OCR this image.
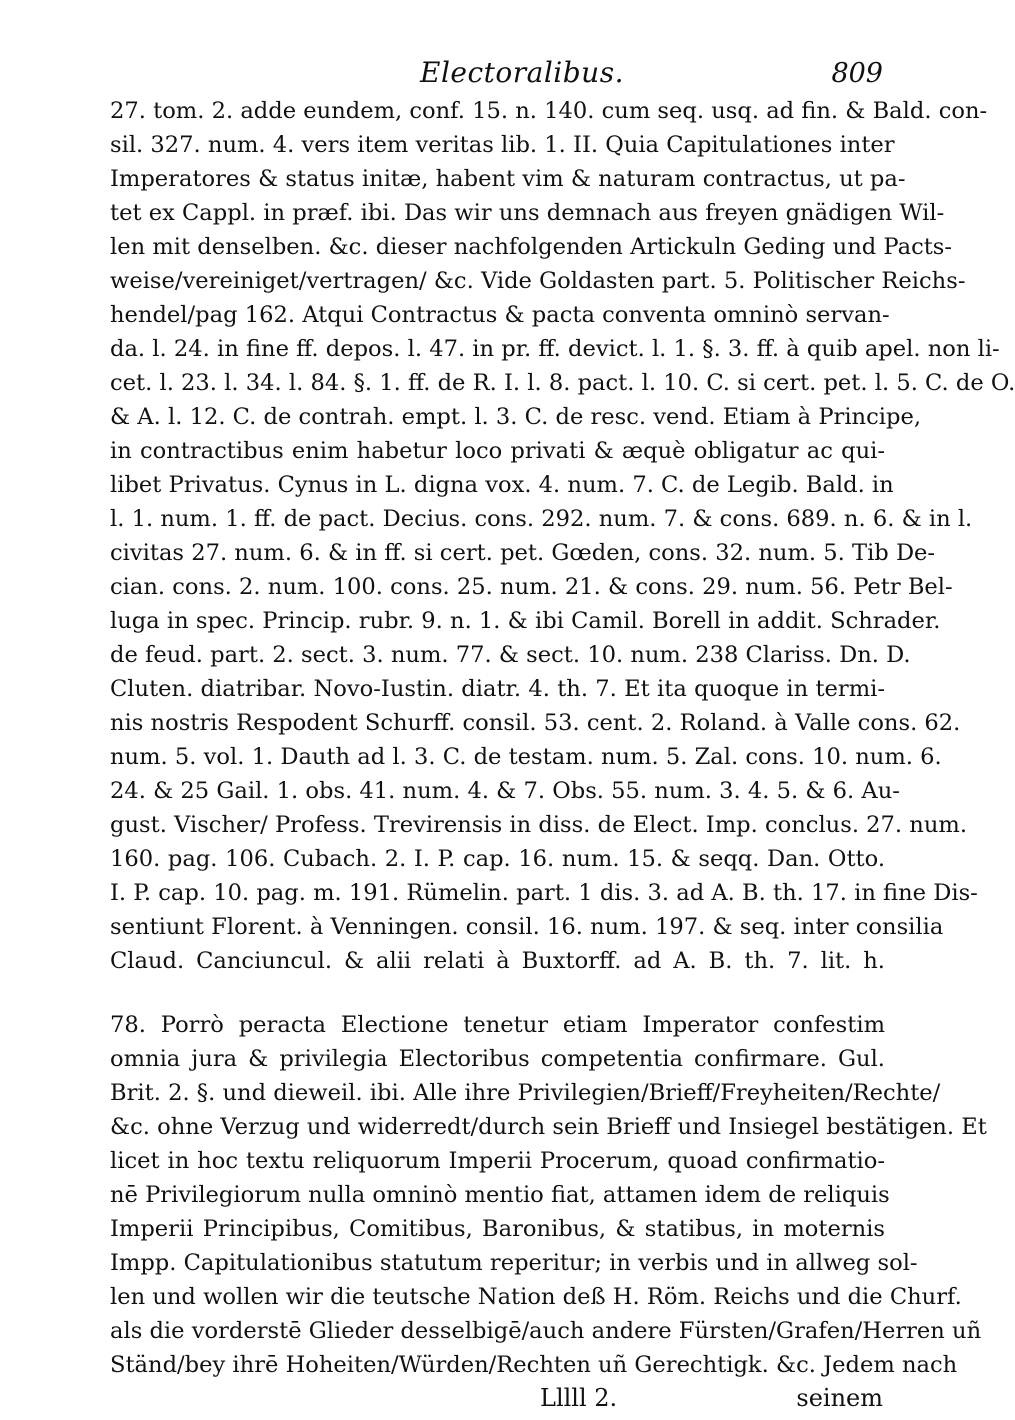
Electoralibus.	809
27. tom. 2. adde eundem, conf. 15. n. 140. cum seq. usq. ad fin. & Bald. con-
sil. 327. num. 4. vers item veritas lib. 1. II. Quia Capitulationes inter
Imperatores & status initæ, habent vim & naturam contractus, ut pa-
tet ex Cappl. in præf. ibi. Das wir uns demnach aus freyen gnädigen Wil-
len mit denselben. &c. dieser nachfolgenden Artickuln Geding und Pacts-
weise/vereiniget/vertragen/ &c. Vide Goldasten part. 5. Politischer Reichs-
hendel/pag 162. Atqui Contractus & pacta conventa omninò servan-
da. l. 24. in fine ff. depos. l. 47. in pr. ff. devict. l. 1. §. 3. ff. à quib apel. non li-
cet. l. 23. l. 34. l. 84. §. 1. ff. de R. I. l. 8. pact. l. 10. C. si cert. pet. l. 5. C. de O.
& A. l. 12. C. de contrah. empt. l. 3. C. de resc. vend. Etiam à Principe,
in contractibus enim habetur loco privati & æquè obligatur ac qui-
libet Privatus. Cynus in L. digna vox. 4. num. 7. C. de Legib. Bald. in
l. 1. num. 1. ff. de pact. Decius. cons. 292. num. 7. & cons. 689. n. 6. & in l.
civitas 27. num. 6. & in ff. si cert. pet. Gœden, cons. 32. num. 5. Tib De-
cian. cons. 2. num. 100. cons. 25. num. 21. & cons. 29. num. 56. Petr Bel-
luga in spec. Princip. rubr. 9. n. 1. & ibi Camil. Borell in addit. Schrader.
de feud. part. 2. sect. 3. num. 77. & sect. 10. num. 238 Clariss. Dn. D.
Cluten. diatribar. Novo-Iustin. diatr. 4. th. 7. Et ita quoque in termi-
nis nostris Respodent Schurff. consil. 53. cent. 2. Roland. à Valle cons. 62.
num. 5. vol. 1. Dauth ad l. 3. C. de testam. num. 5. Zal. cons. 10. num. 6.
24. & 25 Gail. 1. obs. 41. num. 4. & 7. Obs. 55. num. 3. 4. 5. & 6. Au-
gust. Vischer/ Profess. Trevirensis in diss. de Elect. Imp. conclus. 27. num.
160. pag. 106. Cubach. 2. I. P. cap. 16. num. 15. & seqq. Dan. Otto.
I. P. cap. 10. pag. m. 191. Rümelin. part. 1 dis. 3. ad A. B. th. 17. in fine Dis-
sentiunt Florent. à Venningen. consil. 16. num. 197. & seq. inter consilia
Claud. Canciuncul. & alii relati à Buxtorff. ad A. B. th. 7. lit. h.
78. Porrò peracta Electione tenetur etiam Imperator confestim
omnia jura & privilegia Electoribus competentia confirmare. Gul.
Brit. 2. §. und dieweil. ibi. Alle ihre Privilegien/Brieff/Freyheiten/Rechte/
&c. ohne Verzug und widerredt/durch sein Brieff und Insiegel bestätigen. Et
licet in hoc textu reliquorum Imperii Procerum, quoad confirmatio-
nē Privilegiorum nulla omninò mentio fiat, attamen idem de reliquis
Imperii Principibus, Comitibus, Baronibus, & statibus, in moternis
Impp. Capitulationibus statutum reperitur; in verbis und in allweg sol-
len und wollen wir die teutsche Nation deß H. Röm. Reichs und die Churf.
als die vorderstē Glieder desselbigē/auch andere Fürsten/Grafen/Herren uñ
Ständ/bey ihrē Hoheiten/Würden/Rechten uñ Gerechtigk. &c. Jedem nach
Lllll 2.	seinem
